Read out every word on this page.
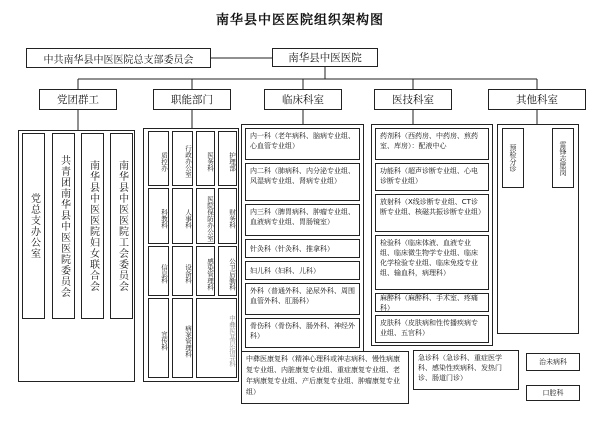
南华县中医医院组织架构图
中共南华县中医医院总支部委员会	南华县中医医院
党团群工	职能部门	临床科室	医技科室	其他科室
党总支办公室	共青团南华县中医医院委员会	南华县中医医院妇女联合会	南华县中医医院工会委员会	质控办	行政办公室	医务科	护理部
科教科	人事科	医院保防办公室	财务科
信息科	设备科	感染管理科	公卫后勤科
宣传科	病案管理科	中彝医基层指导科
内一科（老年病科、脑病专业组、心血管专业组）
内二科（肺病科、内分泌专业组、风湿病专业组、肾病专业组）
内三科（脾胃病科、肿瘤专业组、血液病专业组、胃肠镜室）
针灸科（针灸科、推拿科）
妇儿科（妇科、儿科）
外科（普通外科、泌尿外科、周围血管外科、肛肠科）
骨伤科（骨伤科、肠外科、神经外科）
中彝医康复科（精神心理科或神志病科、慢性病康复专业组、内脏康复专业组、重症康复专业组、老年病康复专业组、产后康复专业组、肿瘤康复专业组）
药剂科（西药房、中药房、煎药室、库房）：配液中心
功能科（超声诊断专业组、心电诊断专业组）
放射科（X线诊断专业组、CT诊断专业组、核磁共振诊断专业组）
检验科（临床体液、血液专业组、临床微生物学专业组、临床化学检验专业组、临床免疫专业组、输血科，病理科）
麻醉科（麻醉科、手术室、疼痛科）
皮肤科（皮肤病和性传播疾病专业组、五官科）
急诊科（急诊科、重症医学科、感染性疾病科、发热门诊、肠道门诊）
预检分诊	雷锋志愿岗
治未病科
口腔科
